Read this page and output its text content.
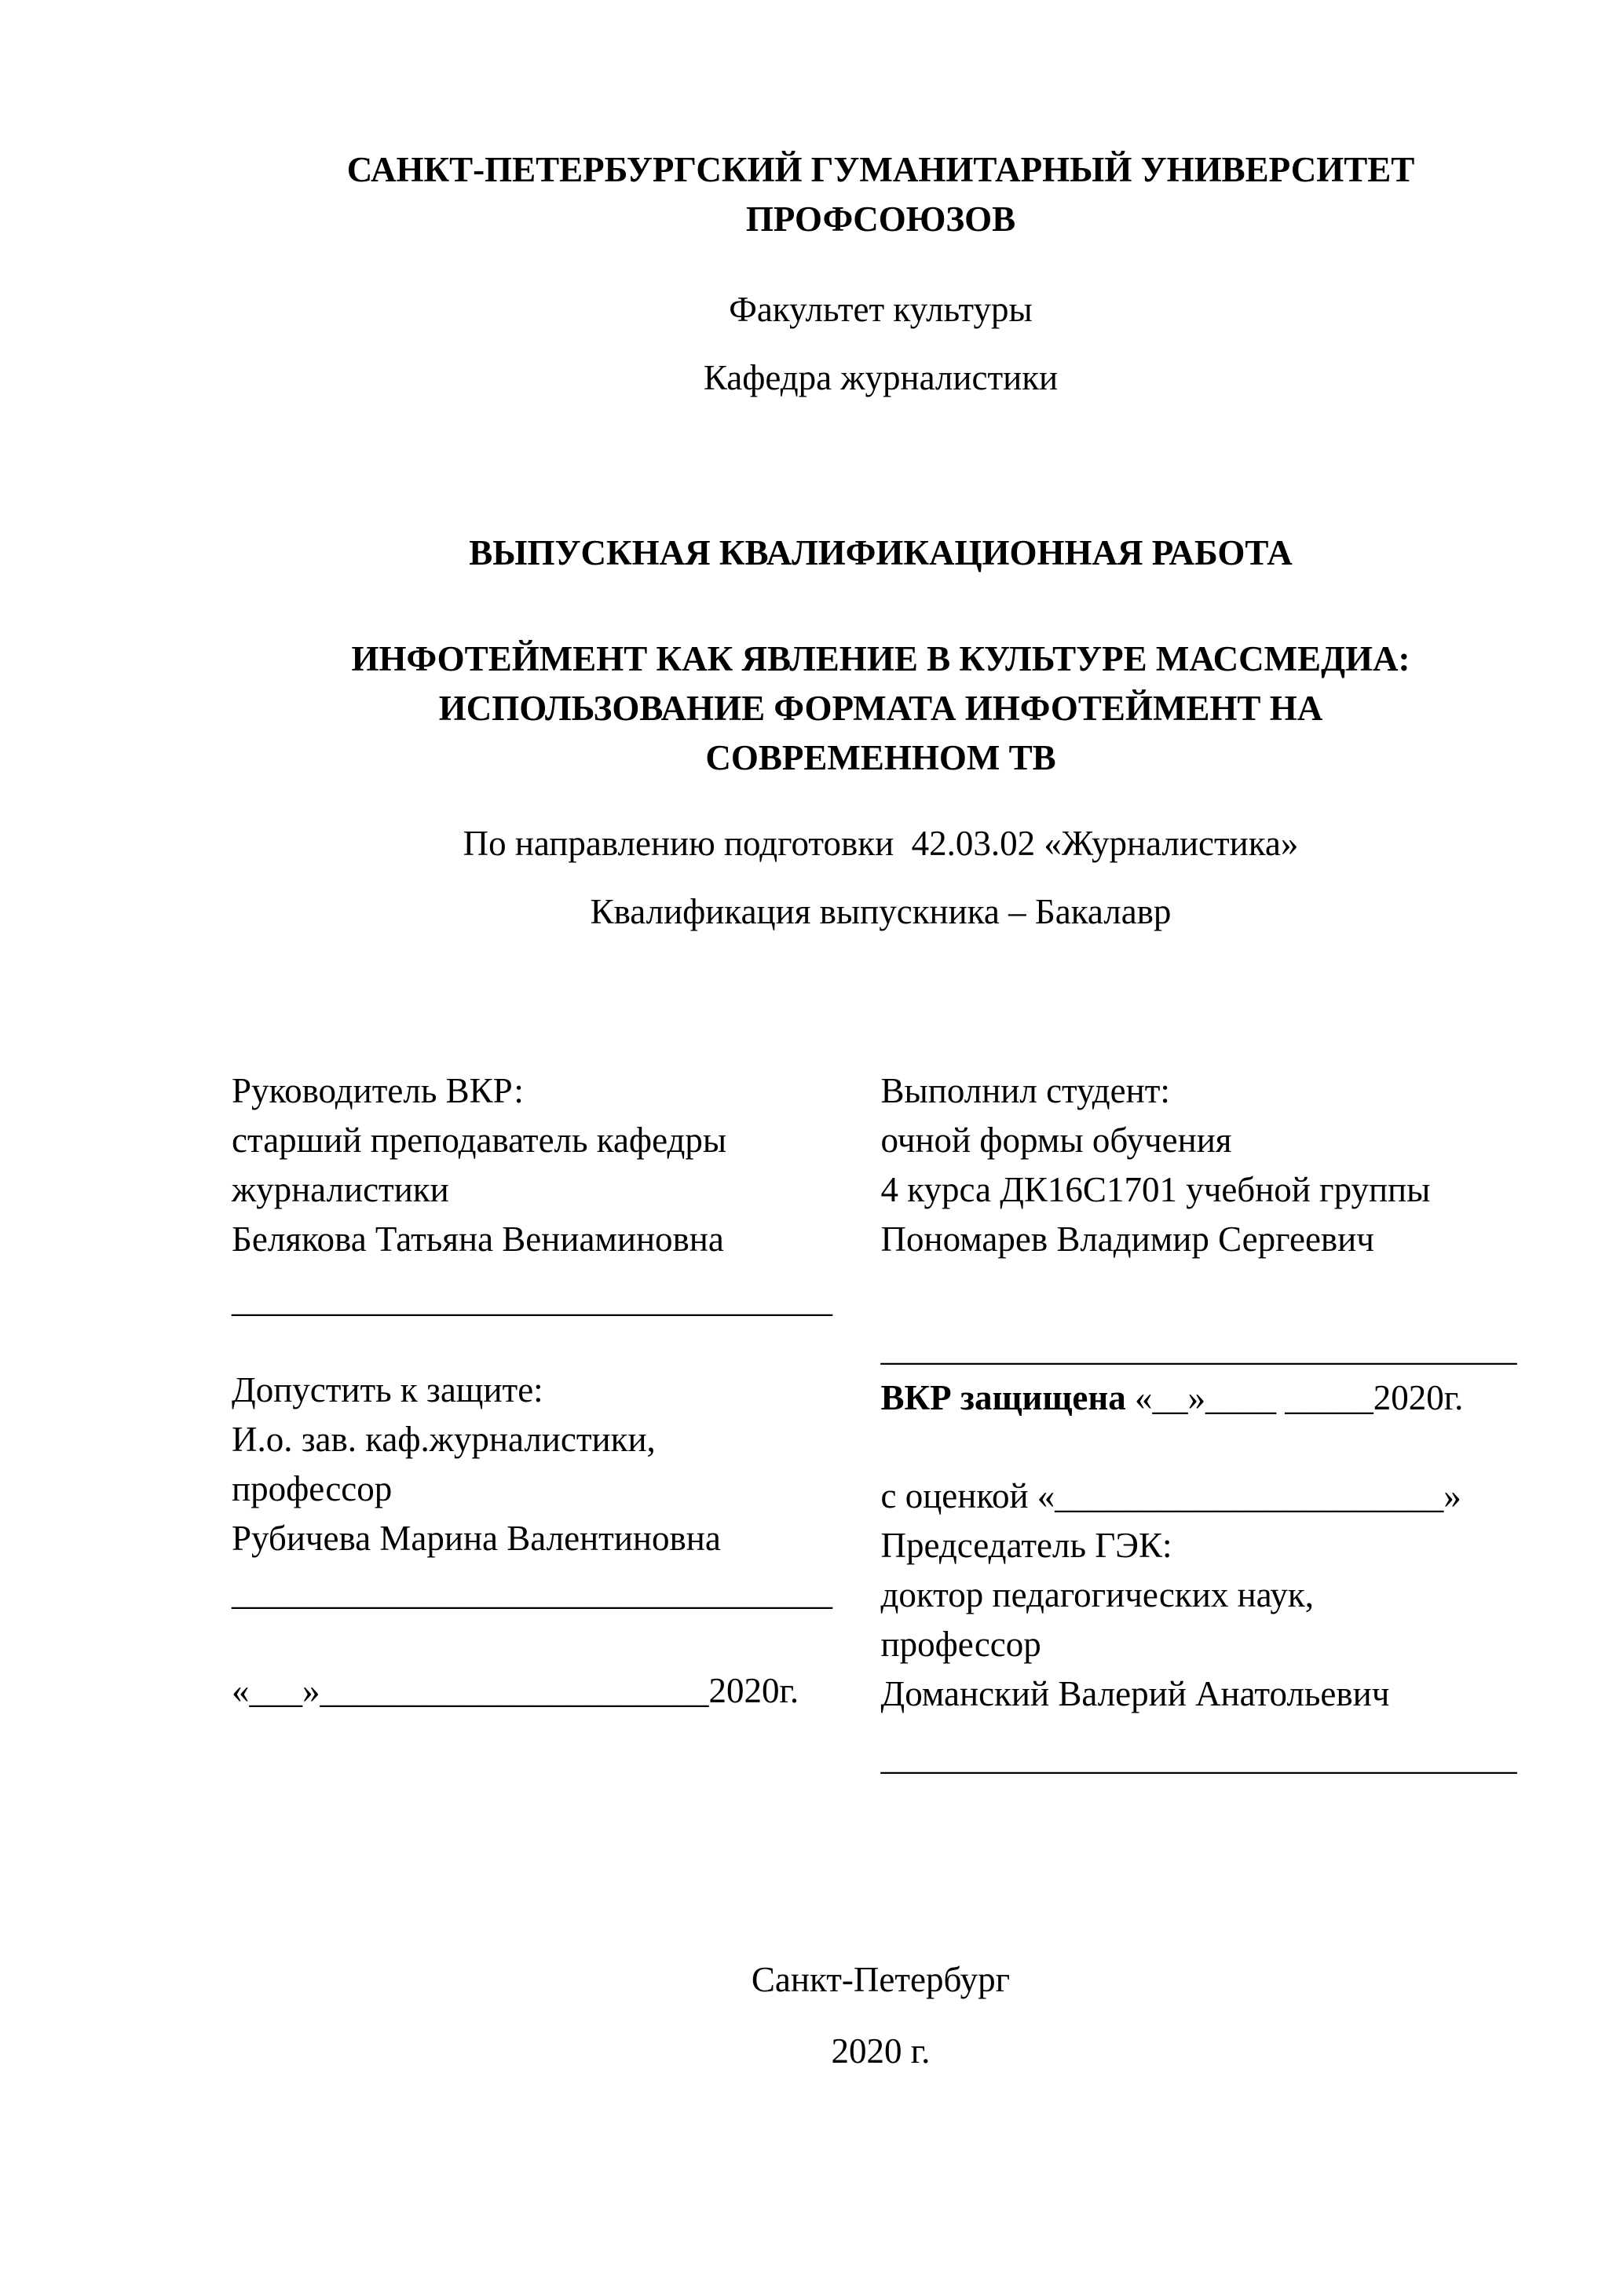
САНКТ-ПЕТЕРБУРГСКИЙ ГУМАНИТАРНЫЙ УНИВЕРСИТЕТ
ПРОФСОЮЗОВ

Факультет культуры

Кафедра журналистики

ВЫПУСКНАЯ КВАЛИФИКАЦИОННАЯ РАБОТА

ИНФОТЕЙМЕНТ КАК ЯВЛЕНИЕ В КУЛЬТУРЕ МАССМЕДИА:
ИСПОЛЬЗОВАНИЕ ФОРМАТА ИНФОТЕЙМЕНТ НА
СОВРЕМЕННОМ ТВ

По направлению подготовки  42.03.02 «Журналистика»

Квалификация выпускника – Бакалавр

Руководитель ВКР:

старший преподаватель кафедры

журналистики

Белякова Татьяна Вениаминовна

__________________________________

Допустить к защите:

И.о. зав. каф.журналистики,

профессор

Рубичева Марина Валентиновна

__________________________________

«___»______________________2020г.

Выполнил студент:

очной формы обучения

4 курса ДК16С1701 учебной группы

Пономарев Владимир Сергеевич

____________________________________

ВКР защищена «__»____ _____2020г.

с оценкой «______________________»

Председатель ГЭК:

доктор педагогических наук,

профессор

Доманский Валерий Анатольевич

____________________________________

Санкт-Петербург

2020 г.
